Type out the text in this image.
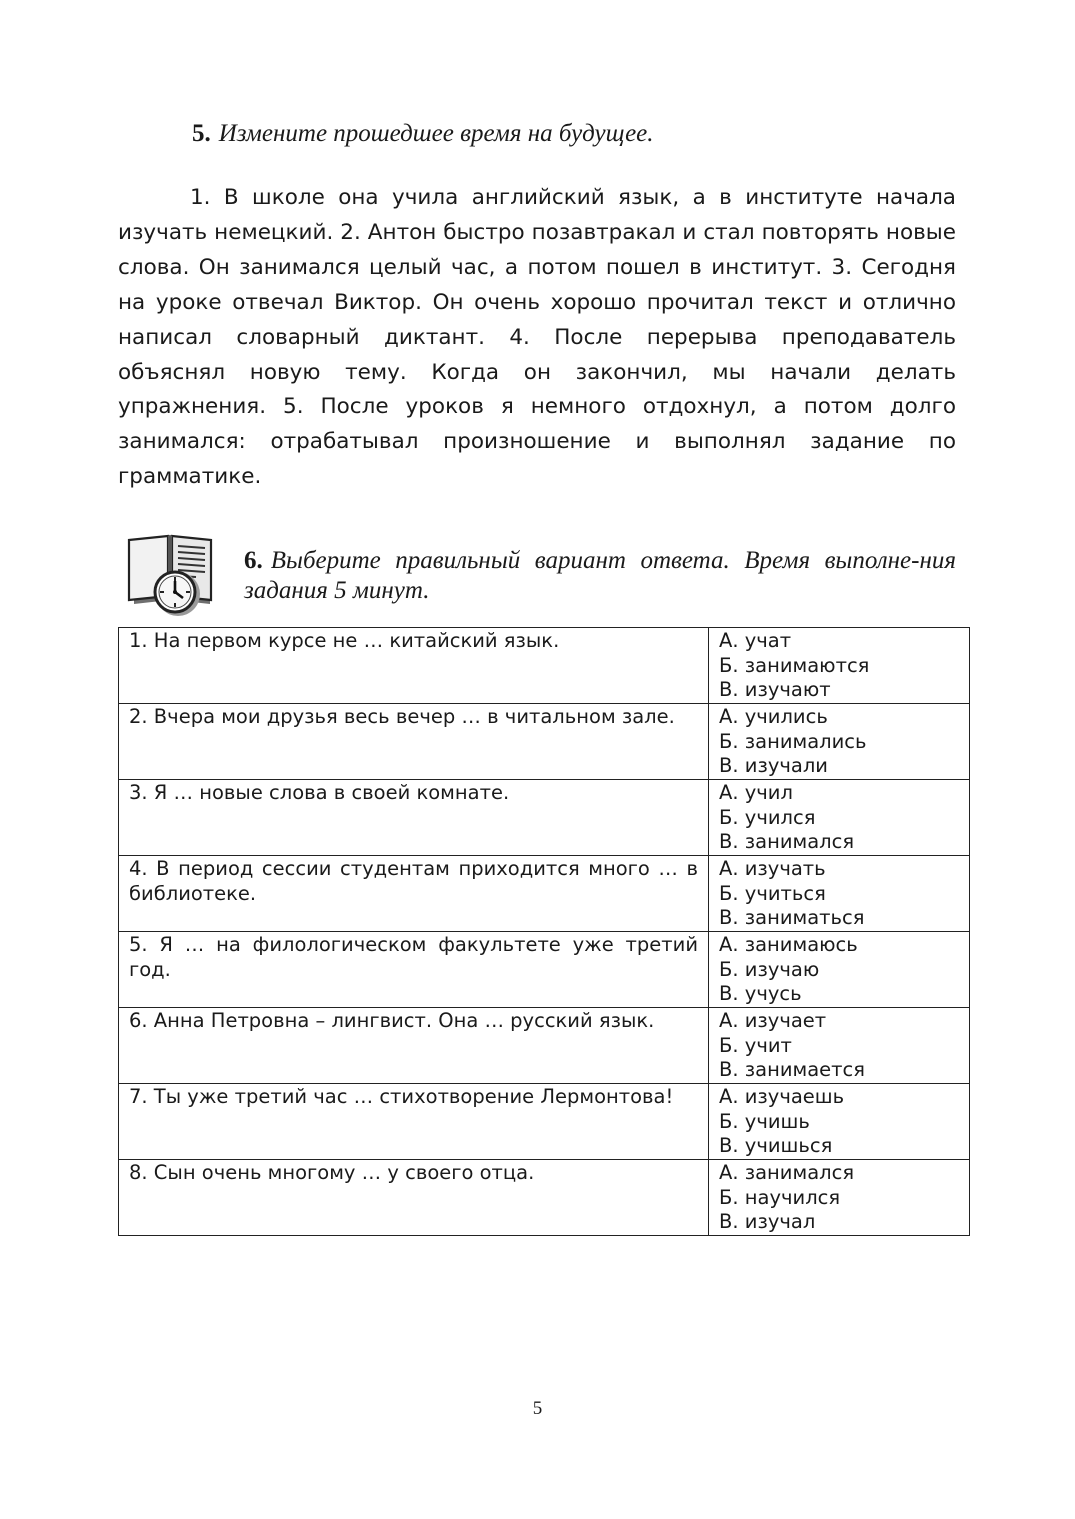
5. Измените прошедшее время на будущее.

1. В школе она учила английский язык, а в институте начала изучать немецкий. 2. Антон быстро позавтракал и стал повторять новые слова. Он занимался целый час, а потом пошел в институт. 3. Сегодня на уроке отвечал Виктор. Он очень хорошо прочитал текст и отлично написал словарный диктант. 4. После перерыва преподаватель объяснял новую тему. Когда он закончил, мы начали делать упражнения. 5. После уроков я немного отдохнул, а потом долго занимался: отрабатывал произношение и выполнял задание по грамматике.

6. Выберите правильный вариант ответа. Время выполне-ния задания 5 минут.

1. На первом курсе не … китайский язык.	А. учат
Б. занимаются
В. изучают

2. Вчера мои друзья весь вечер … в читальном зале.	А. учились
Б. занимались
В. изучали

3. Я … новые слова в своей комнате.	А. учил
Б. учился
В. занимался

4. В период сессии студентам приходится много … в библиотеке.	А. изучать
Б. учиться
В. заниматься

5. Я … на филологическом факультете уже третий год.	А. занимаюсь
Б. изучаю
В. учусь

6. Анна Петровна – лингвист. Она … русский язык.	А. изучает
Б. учит
В. занимается

7. Ты уже третий час … стихотворение Лермонтова!	А. изучаешь
Б. учишь
В. учишься

8. Сын очень многому … у своего отца.	А. занимался
Б. научился
В. изучал
5
